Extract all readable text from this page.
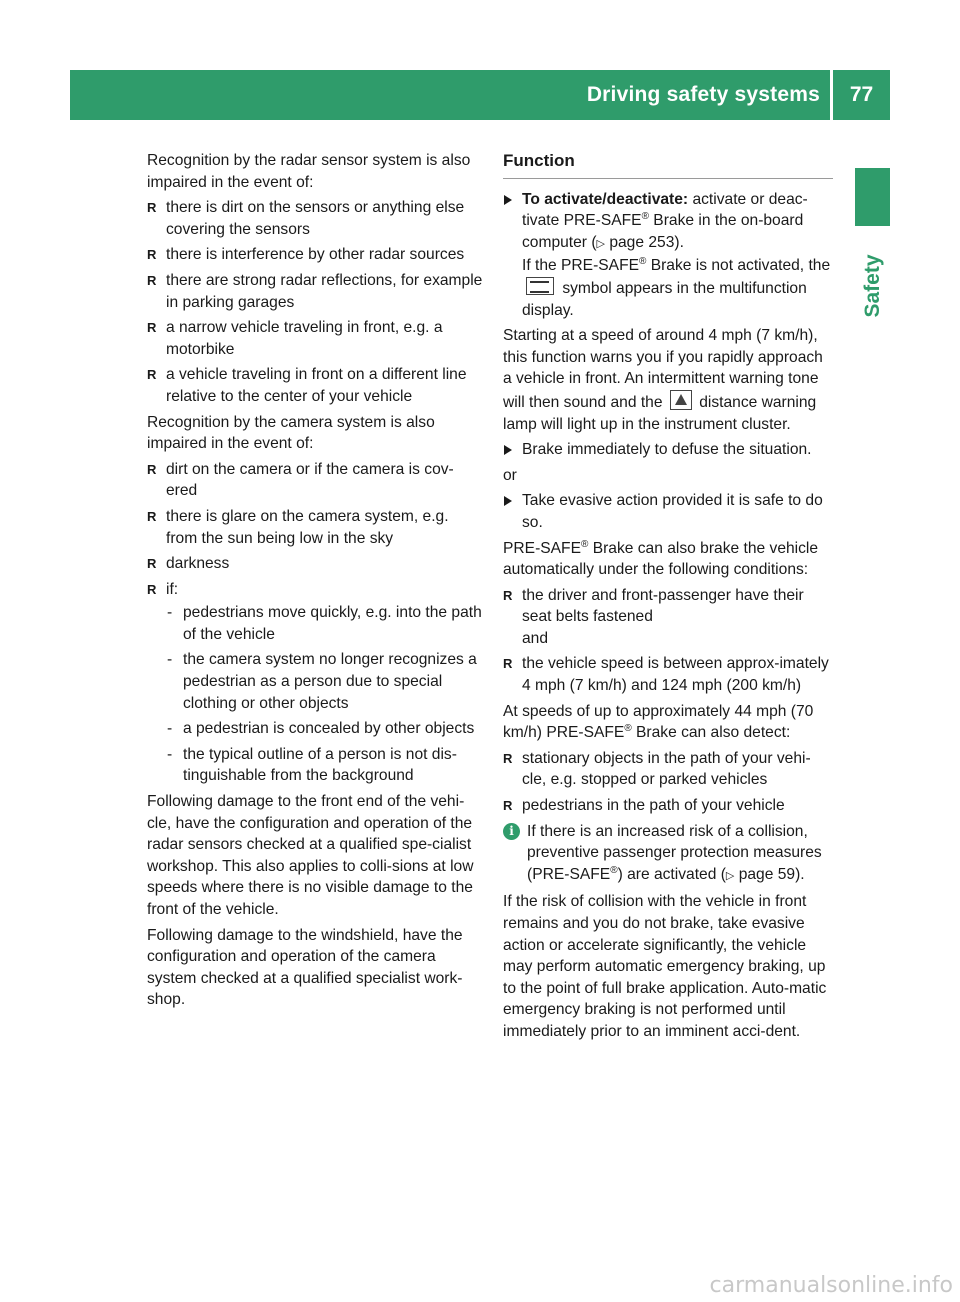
Driving safety systems	77
Safety

Recognition by the radar sensor system is also impaired in the event of:

R there is dirt on the sensors or anything else covering the sensors
R there is interference by other radar sources
R there are strong radar reflections, for example in parking garages
R a narrow vehicle traveling in front, e.g. a motorbike
R a vehicle traveling in front on a different line relative to the center of your vehicle

Recognition by the camera system is also impaired in the event of:

R dirt on the camera or if the camera is cov-ered
R there is glare on the camera system, e.g. from the sun being low in the sky
R darkness
R if:
- pedestrians move quickly, e.g. into the path of the vehicle
- the camera system no longer recognizes a pedestrian as a person due to special clothing or other objects
- a pedestrian is concealed by other objects
- the typical outline of a person is not dis-tinguishable from the background

Following damage to the front end of the vehi-cle, have the configuration and operation of the radar sensors checked at a qualified spe-cialist workshop. This also applies to colli-sions at low speeds where there is no visible damage to the front of the vehicle.

Following damage to the windshield, have the configuration and operation of the camera system checked at a qualified specialist work-shop.

Function
To activate/deactivate: activate or deac-tivate PRE-SAFE® Brake in the on-board computer (▷ page 253).
If the PRE-SAFE® Brake is not activated, the

symbol appears in the multifunction display.

Starting at a speed of around 4 mph (7 km/h), this function warns you if you rapidly approach a vehicle in front. An intermittent warning tone will then sound and the
distance warning lamp will light up in the instrument cluster.

Brake immediately to defuse the situation.

or

Take evasive action provided it is safe to do so.

PRE-SAFE® Brake can also brake the vehicle automatically under the following conditions:

R the driver and front-passenger have their seat belts fastened
and
R the vehicle speed is between approx-imately 4 mph (7 km/h) and 124 mph (200 km/h)

At speeds of up to approximately 44 mph (70 km/h) PRE-SAFE® Brake can also detect:

R stationary objects in the path of your vehi-cle, e.g. stopped or parked vehicles
R pedestrians in the path of your vehicle
i If there is an increased risk of a collision, preventive passenger protection measures (PRE-SAFE®) are activated (▷ page 59).

If the risk of collision with the vehicle in front remains and you do not brake, take evasive action or accelerate significantly, the vehicle may perform automatic emergency braking, up to the point of full brake application. Auto-matic emergency braking is not performed until immediately prior to an imminent acci-dent.

carmanualsonline.info
